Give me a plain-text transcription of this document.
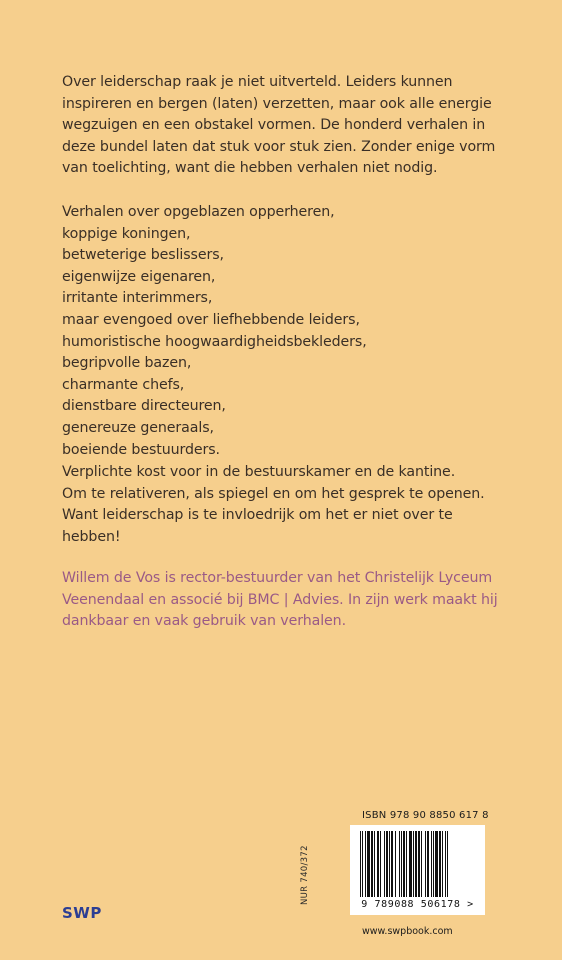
Over leiderschap raak je niet uitverteld. Leiders kunnen

inspireren en bergen (laten) verzetten, maar ook alle energie

wegzuigen en een obstakel vormen. De honderd verhalen in

deze bundel laten dat stuk voor stuk zien. Zonder enige vorm

van toelichting, want die hebben verhalen niet nodig.

Verhalen over opgeblazen opperheren,
koppige koningen,
betweterige beslissers,
eigenwijze eigenaren,
irritante interimmers,
maar evengoed over liefhebbende leiders,
humoristische hoogwaardigheidsbekleders,
begripvolle bazen,
charmante chefs,
dienstbare directeuren,
genereuze generaals,
boeiende bestuurders.

Verplichte kost voor in de bestuurskamer en de kantine.

Om te relativeren, als spiegel en om het gesprek te openen.

Want leiderschap is te invloedrijk om het er niet over te

hebben!

Willem de Vos is rector-bestuurder van het Christelijk Lyceum

Veenendaal en associé bij BMC | Advies. In zijn werk maakt hij

dankbaar en vaak gebruik van verhalen.

ISBN 978 90 8850 617 8
9 789088 506178 >
NUR 740/372
www.swpbook.com
SWP
